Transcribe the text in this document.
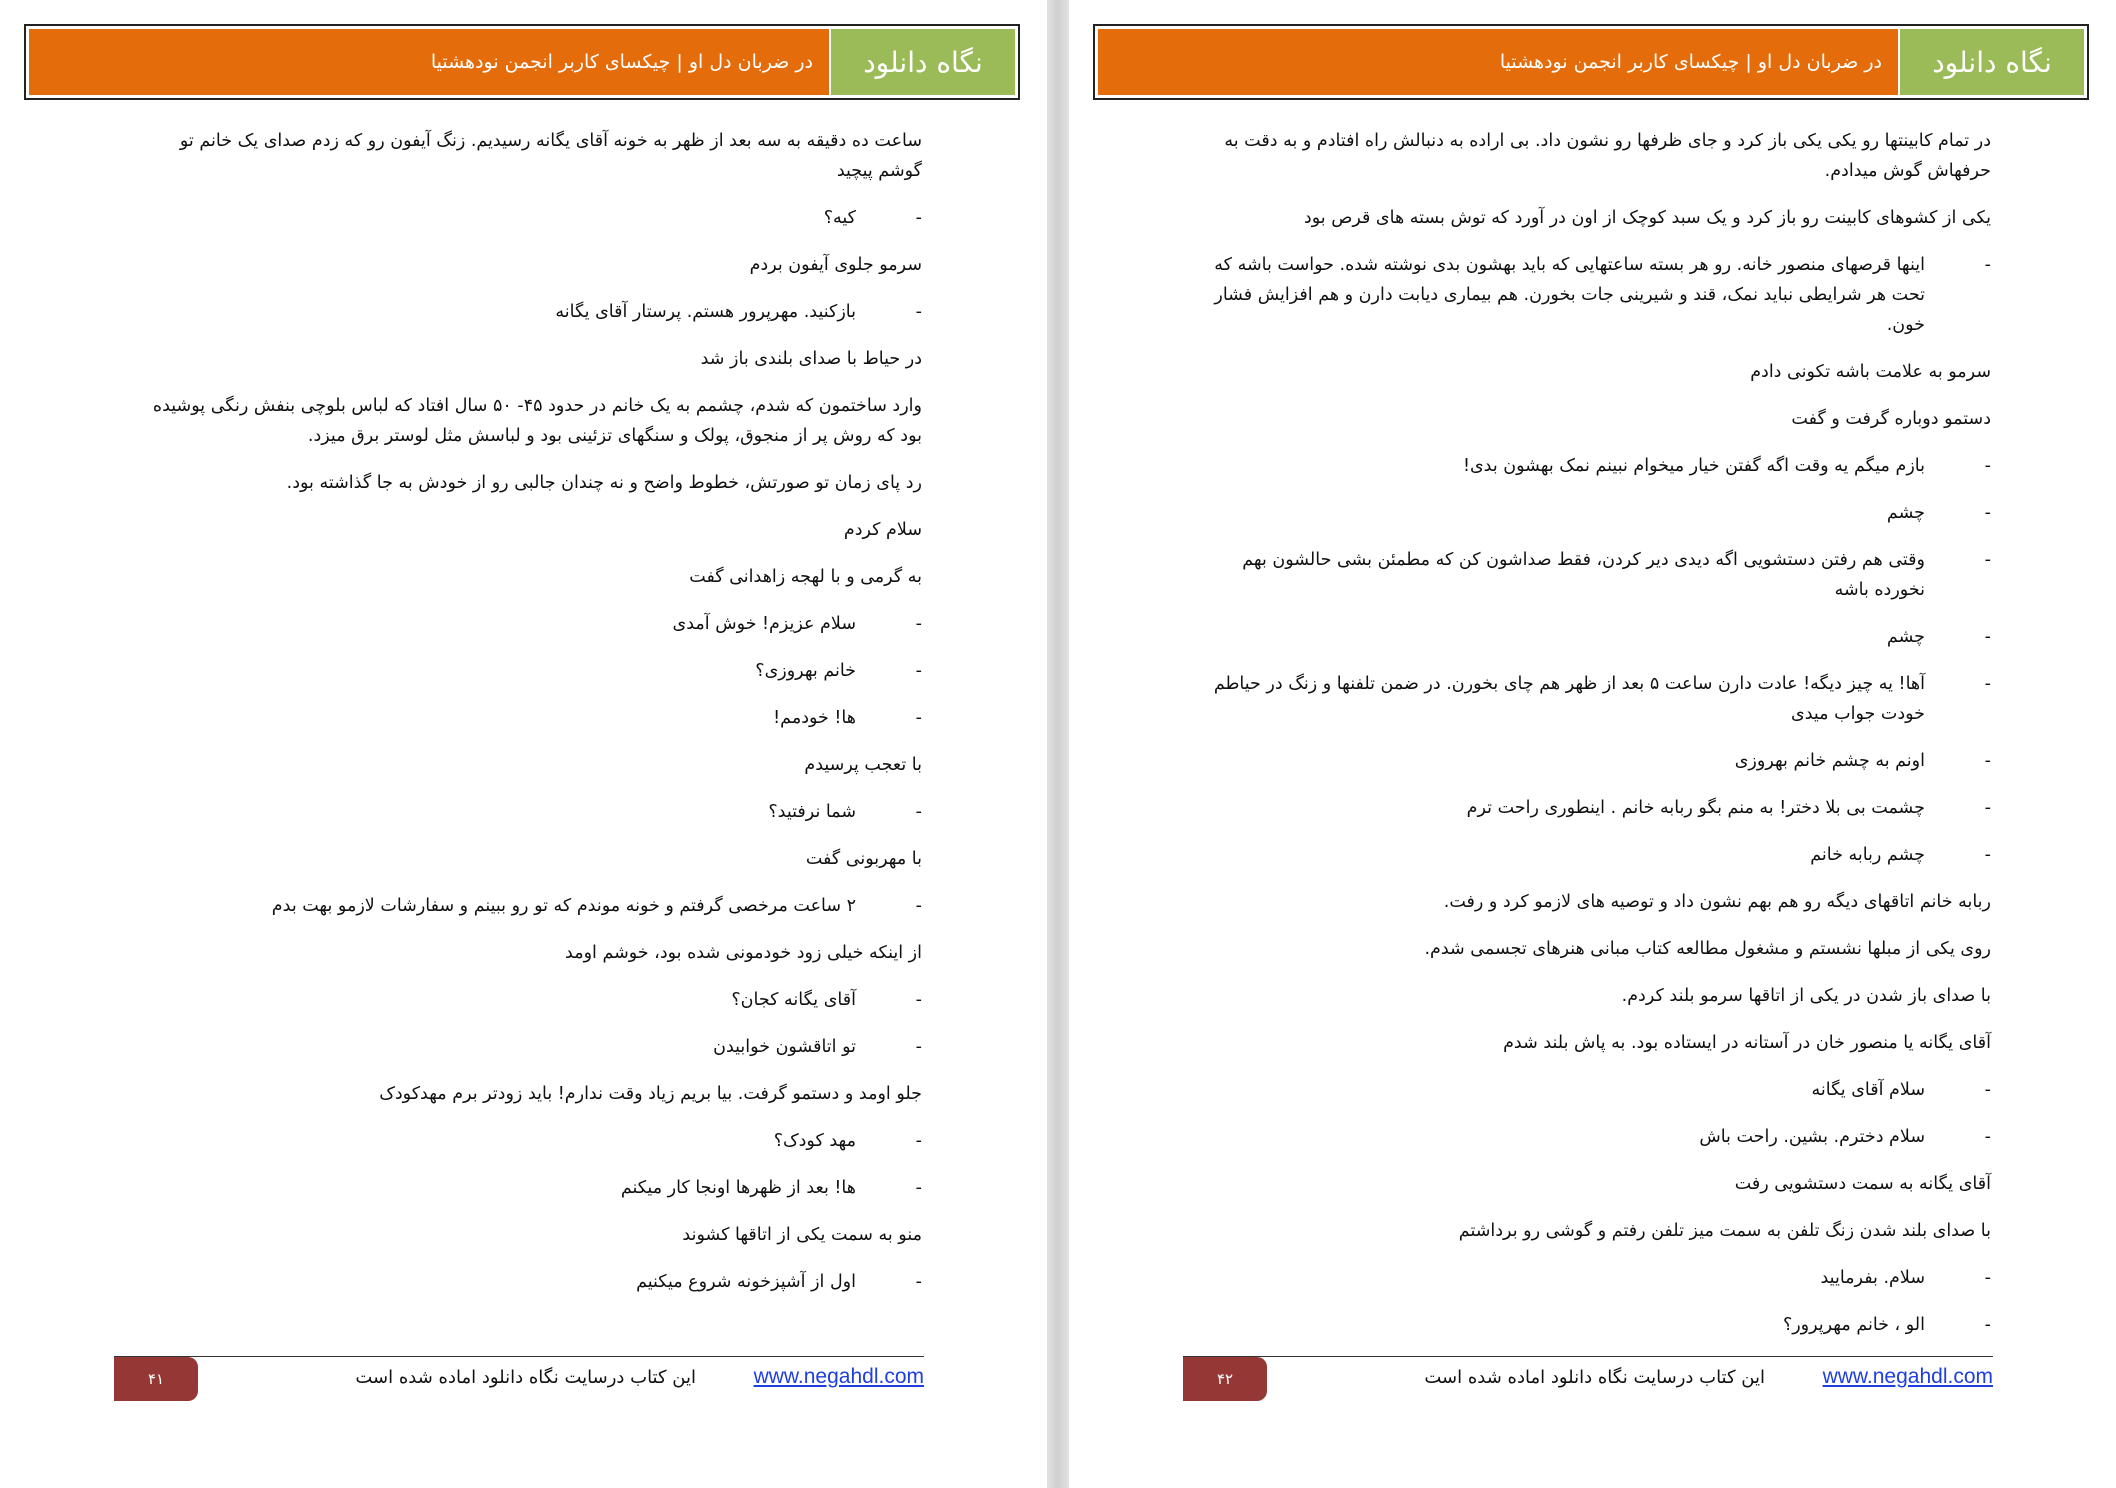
نگاه دانلود
در ضربان دل او | چیکسای کاربر انجمن نودهشتیا
ساعت ده دقیقه به سه بعد از ظهر به خونه آقای یگانه رسیدیم. زنگ آیفون رو که زدم صدای یک خانم تو گوشم پیچید
-
کیه؟
سرمو جلوی آیفون بردم
-
بازکنید. مهرپرور هستم. پرستار آقای یگانه
در حیاط با صدای بلندی باز شد
وارد ساختمون که شدم، چشمم به یک خانم در حدود ۴۵- ۵۰ سال افتاد که لباس بلوچی بنفش رنگی پوشیده بود که روش پر از منجوق، پولک و سنگهای تزئینی بود و لباسش مثل لوستر برق میزد.
رد پای زمان تو صورتش، خطوط واضح و نه چندان جالبی رو از خودش به جا گذاشته بود.
سلام کردم
به گرمی و با لهجه زاهدانی گفت
-
سلام عزیزم! خوش آمدی
-
خانم بهروزی؟
-
ها! خودمم!
با تعجب پرسیدم
-
شما نرفتید؟
با مهربونی گفت
-
۲ ساعت مرخصی گرفتم و خونه موندم که تو رو ببینم و سفارشات لازمو بهت بدم
از اینکه خیلی زود خودمونی شده بود، خوشم اومد
-
آقای یگانه کجان؟
-
تو اتاقشون خوابیدن
جلو اومد و دستمو گرفت. بیا بریم زیاد وقت ندارم! باید زودتر برم مهدکودک
-
مهد کودک؟
-
ها! بعد از ظهرها اونجا کار میکنم
منو به سمت یکی از اتاقها کشوند
-
اول از آشپزخونه شروع میکنیم
۴۱	این کتاب درسایت نگاه دانلود اماده شده است	www.negahdl.com
نگاه دانلود
در ضربان دل او | چیکسای کاربر انجمن نودهشتیا
در تمام کابینتها رو یکی یکی باز کرد و جای ظرفها رو نشون داد. بی اراده به دنبالش راه افتادم و به دقت به حرفهاش گوش میدادم.
یکی از کشوهای کابینت رو باز کرد و یک سبد کوچک از اون در آورد که توش بسته های قرص بود
-
اینها قرصهای منصور خانه. رو هر بسته ساعتهایی که باید بهشون بدی نوشته شده. حواست باشه که تحت هر شرایطی نباید نمک، قند و شیرینی جات بخورن. هم بیماری دیابت دارن و هم افزایش فشار خون.
سرمو به علامت باشه تکونی دادم
دستمو دوباره گرفت و گفت
-
بازم میگم یه وقت اگه گفتن خیار میخوام نبینم نمک بهشون بدی!
-
چشم
-
وقتی هم رفتن دستشویی اگه دیدی دیر کردن، فقط صداشون کن که مطمئن بشی حالشون بهم نخورده باشه
-
چشم
-
آها! یه چیز دیگه! عادت دارن ساعت ۵ بعد از ظهر هم چای بخورن. در ضمن تلفنها و زنگ در حیاطم خودت جواب میدی
-
اونم به چشم خانم بهروزی
-
چشمت بی بلا دختر! به منم بگو ربابه خانم . اینطوری راحت ترم
-
چشم ربابه خانم
ربابه خانم اتاقهای دیگه رو هم بهم نشون داد و توصیه های لازمو کرد و رفت.
روی یکی از مبلها نشستم و مشغول مطالعه کتاب مبانی هنرهای تجسمی شدم.
با صدای باز شدن در یکی از اتاقها سرمو بلند کردم.
آقای یگانه یا منصور خان در آستانه در ایستاده بود. به پاش بلند شدم
-
سلام آقای یگانه
-
سلام دخترم. بشین. راحت باش
آقای یگانه به سمت دستشویی رفت
با صدای بلند شدن زنگ تلفن به سمت میز تلفن رفتم و گوشی رو برداشتم
-
سلام. بفرمایید
-
الو ، خانم مهرپرور؟
۴۲	این کتاب درسایت نگاه دانلود اماده شده است	www.negahdl.com
